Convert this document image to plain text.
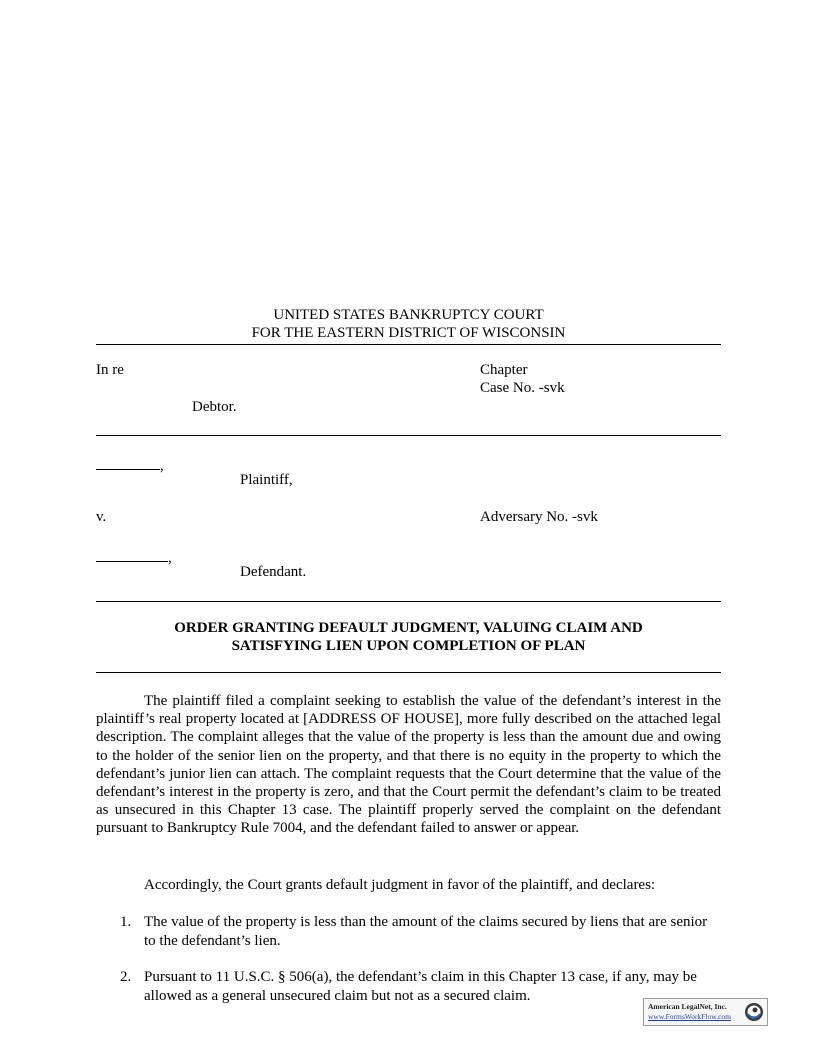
UNITED STATES BANKRUPTCY COURT
FOR THE EASTERN DISTRICT OF WISCONSIN
In re	Chapter
Case No. -svk
Debtor.
,
Plaintiff,
v.	Adversary No. -svk
,
Defendant.
ORDER GRANTING DEFAULT JUDGMENT, VALUING CLAIM AND
SATISFYING LIEN UPON COMPLETION OF PLAN
The plaintiff filed a complaint seeking to establish the value of the defendant’s interest in the plaintiff’s real property located at [ADDRESS OF HOUSE], more fully described on the attached legal description. The complaint alleges that the value of the property is less than the amount due and owing to the holder of the senior lien on the property, and that there is no equity in the property to which the defendant’s junior lien can attach. The complaint requests that the Court determine that the value of the defendant’s interest in the property is zero, and that the Court permit the defendant’s claim to be treated as unsecured in this Chapter 13 case. The plaintiff properly served the complaint on the defendant pursuant to Bankruptcy Rule 7004, and the defendant failed to answer or appear.
Accordingly, the Court grants default judgment in favor of the plaintiff, and declares:
1. The value of the property is less than the amount of the claims secured by liens that are senior to the defendant’s lien.
2. Pursuant to 11 U.S.C. § 506(a), the defendant’s claim in this Chapter 13 case, if any, may be allowed as a general unsecured claim but not as a secured claim.
American LegalNet, Inc.
www.FormsWorkFlow.com
